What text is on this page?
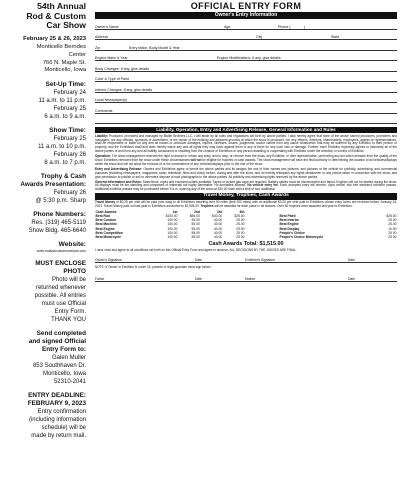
54th Annual
Rod & Custom
Car Show
February 25 & 26, 2023
Monticello Berndes
Center
766 N. Maple St.
Monticello, Iowa
Set-Up Time:
February 24
11 a.m. to 11 p.m.
February 25
6 a.m. to 9 a.m.
Show Time:
February 25
11 a.m. to 10 p.m.
February 26
8 a.m. to 7 p.m.
Trophy & Cash
Awards Presentation:
February 26
@ 5:30 p.m. Sharp
Phone Numbers:
Res. (319) 465-5119
Show Bldg. 465-6640
Website:
www.rodandcustomcarshow.com
MUST ENCLOSE
PHOTO
Photo will be
returned whenever
possible. All entries
must use Official
Entry Form.
THANK YOU
Send completed
and signed Official
Entry Form to:
Galen Muller
853 Southhaven Dr.
Monticello, Iowa
52310-2041
ENTRY DEADLINE:
FEBRUARY 9, 2023
Entry confirmation
(including information
schedule) will be
made by return mail.
OFFICIAL ENTRY FORM
Owner's Entry Information
Owner's Name	Age	Phone (	)
Address	City	State
Zip	Entry Make, Body Model & Year
Engine Make & Year	Engine Modifications: If any, give details
Body Changes: If any, give details
Color & Type of Paint
Interior Changes: If any, give details
Local Newspaper(s)
Comments
Liability, Operation, Entry and Advertising Release, General Information and Rules

Liability: Produced, promoted and managed by Muller Brothers LLC. I will abide by all rules and regulations set forth by above parties. I also hereby agree that none of the above named producers, promoters and managers, nor any officials, sponsors or advertisers, or the owner of the building and adjacent grounds at which the show is produced, nor any officers, directors, shareholders, employees, agents or representatives, shall be responsible or liable for any and all known or unknown damages, injuries, illnesses, losses, judgments, and/or claims from any cause whatsoever that may be suffered by any Exhibitor to their person or property, and the Exhibitors shall and does hereby waive any and all rights they may have against them or any of them for any such loss or damage. Further, each Exhibitor expressly agrees to indemnify all of the above parties of and from any and all liability occasioned or resulting from the conduct of Exhibitors or any person assisting or cooperating with Exhibitor under the direction or control of Exhibitor.

Operation: The show management reserves the right to accept or refuse any entry, and to stop, or remove from the show, any Exhibitor, or their representative, performing any act which detracts from the quality of the show. Exhibitors removed from the show under these circumstances will not be eligible for trophies or cash awards. The show management will have the final authority in determining the location of all vehicles/displays within the show and will not allow the removal of or the concealment of any vehicles/displays prior to the end of the show.

Entry and Advertising Release: Owners and Exhibitors agree to permit the above parties and its assigns the use of their names and pictures, and pictures of the vehicle for publicity, advertising, and commercial purposes (including newspapers, magazines, radio, television, films and video) before, during and after the show, and do hereby relinquish any rights whatsoever to any photos taken in connection with the show, and give permission to publish or sell or otherwise dispose of said photographs to the above parties. All publicity and advertising rights reserved by the above parties.

General Information and Rules: Stanchions, ropes and enclosed outlets available. Taped or locked gas caps are required. Battery cables must be disconnected and taped. Engines will not be started during the show. All displays must be fire-standing and composed of materials not highly flammable. No turntables allowed. No vehicle entry fee. Each accepted entry will receive, upon arrival, two free weekend exhibitor passes. Additional exhibitor passes may be purchased before 9 a.m. opening day of the show at $10.00 each with a limit of four additional.

Travel Money, Trophies, Cash Awards

Travel Money of $0.25 per mile will be paid (one way) to all Exhibitors traveling over 50 miles (limit 200 miles) with an additional $0.20 per mile paid to Exhibitors whose entry forms are received before January 24, 2023. Travel Money paid out last year to Exhibitors amounted to $2,545.00. Trophies will be awarded for each place in all classes. Over 60 trophies were awarded last year to Exhibitors.

Cash Awards:	1st	2nd	3rd	4th
Best Rod	$100.00	$55.00	$40.00	$25.00
Best Custom	100.00	55.00	40.00	25.00
Best Machine	100.00	55.00	40.00	25.00
Best Engine	100.00	55.00	40.00	25.00
Best Competition	100.00	55.00	40.00	25.00
Best Motorcycle	100.00	55.00	40.00	25.00
Best Paint	$25.00
Best Interior	25.00
Best Engine	25.00
Best Display	10.00
People's Choice	25.00
People's Choice Motorcycle	25.00
Cash Awards Total: $1,515.00

I have read and agree to all conditions set forth on this Official Entry Form and agree to observe. ALL DECISIONS BY THE JUDGES ARE FINAL.

Owner's Signature	Date	Exhibitor's Signature	Date

NOTE: If Owner or Exhibitor is under 18, parents or legal guardian must sign below.

Father	Date	Mother	Date
